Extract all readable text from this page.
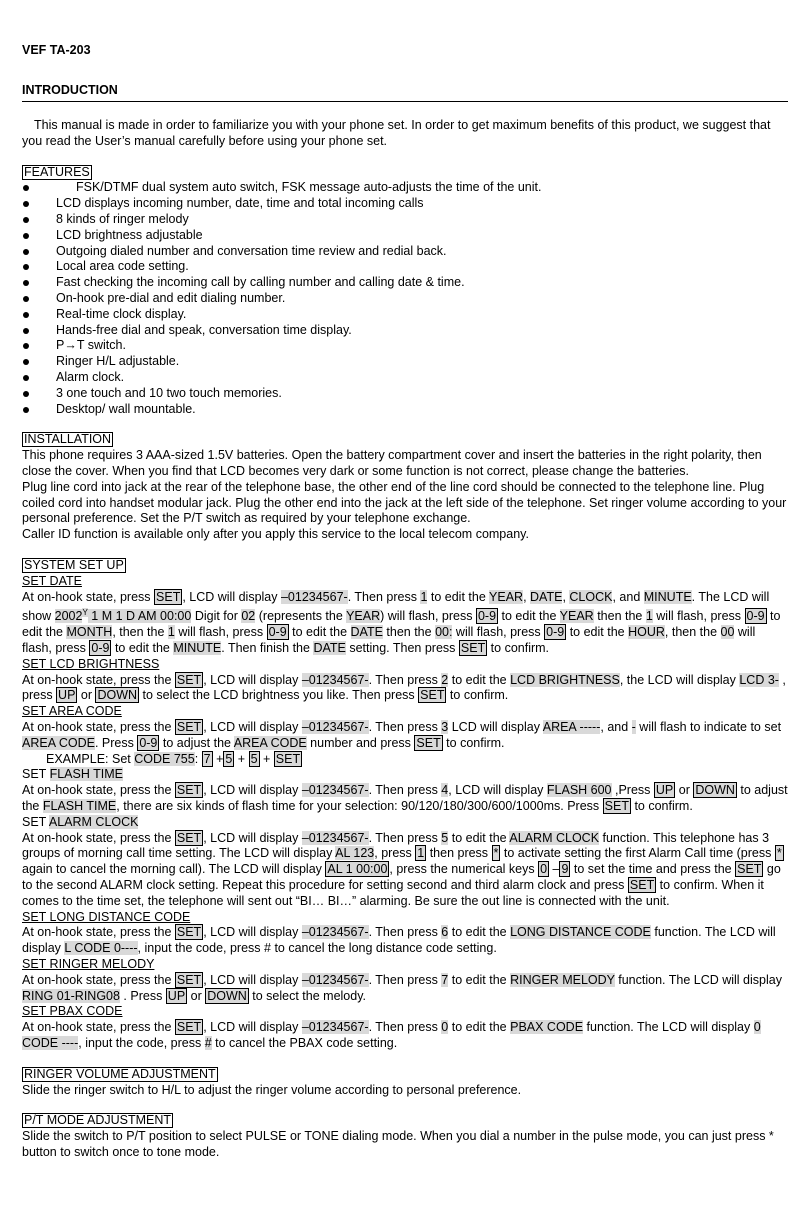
VEF TA-203
INTRODUCTION

This manual is made in order to familiarize you with your phone set. In order to get maximum benefits of this product, we suggest that you read the User’s manual carefully before using your phone set.

FEATURES
FSK/DTMF dual system auto switch, FSK message auto-adjusts the time of the unit.
LCD displays incoming number, date, time and total incoming calls
8 kinds of ringer melody
LCD brightness adjustable
Outgoing dialed number and conversation time review and redial back.
Local area code setting.
Fast checking the incoming call by calling number and calling date & time.
On-hook pre-dial and edit dialing number.
Real-time clock display.
Hands-free dial and speak, conversation time display.
P→T switch.
Ringer H/L adjustable.
Alarm clock.
3 one touch and 10 two touch memories.
Desktop/ wall mountable.
INSTALLATION

This phone requires 3 AAA-sized 1.5V batteries. Open the battery compartment cover and insert the batteries in the right polarity, then close the cover. When you find that LCD becomes very dark or some function is not correct, please change the batteries.

Plug line cord into jack at the rear of the telephone base, the other end of the line cord should be connected to the telephone line. Plug coiled cord into handset modular jack. Plug the other end into the jack at the left side of the telephone. Set ringer volume according to your personal preference. Set the P/T switch as required by your telephone exchange.

Caller ID function is available only after you apply this service to the local telecom company.

SYSTEM SET UP
SET DATE

At on-hook state, press SET , LCD will display –01234567-. Then press 1 to edit the YEAR, DATE, CLOCK, and MINUTE. The LCD will show $2002^Y$ 1 M 1 D AM 00:00 Digit for 02 (represents the YEAR) will flash, press 0-9 to edit the YEAR then the 1 will flash, press 0-9 to edit the MONTH, then the 1 will flash, press 0-9 to edit the DATE then the 00: will flash, press 0-9 to edit the HOUR, then the 00 will flash, press 0-9 to edit the MINUTE. Then finish the DATE setting. Then press SET to confirm.

SET LCD BRIGHTNESS

At on-hook state, press the SET , LCD will display –01234567-. Then press 2 to edit the LCD BRIGHTNESS, the LCD will display LCD 3- , press UP or DOWN to select the LCD brightness you like. Then press SET to confirm.

SET AREA CODE

At on-hook state, press the SET , LCD will display –01234567-. Then press 3 LCD will display AREA -----, and - will flash to indicate to set AREA CODE. Press 0-9 to adjust the AREA CODE number and press SET to confirm.

EXAMPLE: Set CODE 755: 7 + 5 + 5 + SET

SET FLASH TIME

At on-hook state, press the SET , LCD will display –01234567-. Then press 4, LCD will display FLASH 600 ,Press UP or DOWN to adjust the FLASH TIME, there are six kinds of flash time for your selection: 90/120/180/300/600/1000ms. Press SET to confirm.

SET ALARM CLOCK

At on-hook state, press the SET , LCD will display –01234567-. Then press 5 to edit the ALARM CLOCK function. This telephone has 3 groups of morning call time setting. The LCD will display AL 123, press 1 then press * to activate setting the first Alarm Call time (press * again to cancel the morning call). The LCD will display AL 1 00:00 , press the numerical keys 0 – 9 to set the time and press the SET go to the second ALARM clock setting. Repeat this procedure for setting second and third alarm clock and press SET to confirm. When it comes to the time set, the telephone will sent out “BI… BI…” alarming. Be sure the out line is connected with the unit.

SET LONG DISTANCE CODE

At on-hook state, press the SET , LCD will display –01234567-. Then press 6 to edit the LONG DISTANCE CODE function. The LCD will display L CODE 0----, input the code, press # to cancel the long distance code setting.

SET RINGER MELODY

At on-hook state, press the SET , LCD will display –01234567-. Then press 7 to edit the RINGER MELODY function. The LCD will display RING 01-RING08 . Press UP or DOWN to select the melody.

SET PBAX CODE

At on-hook state, press the SET , LCD will display –01234567-. Then press 0 to edit the PBAX CODE function. The LCD will display 0 CODE ----, input the code, press # to cancel the PBAX code setting.

RINGER VOLUME ADJUSTMENT

Slide the ringer switch to H/L to adjust the ringer volume according to personal preference.

P/T MODE ADJUSTMENT

Slide the switch to P/T position to select PULSE or TONE dialing mode. When you dial a number in the pulse mode, you can just press * button to switch once to tone mode.
